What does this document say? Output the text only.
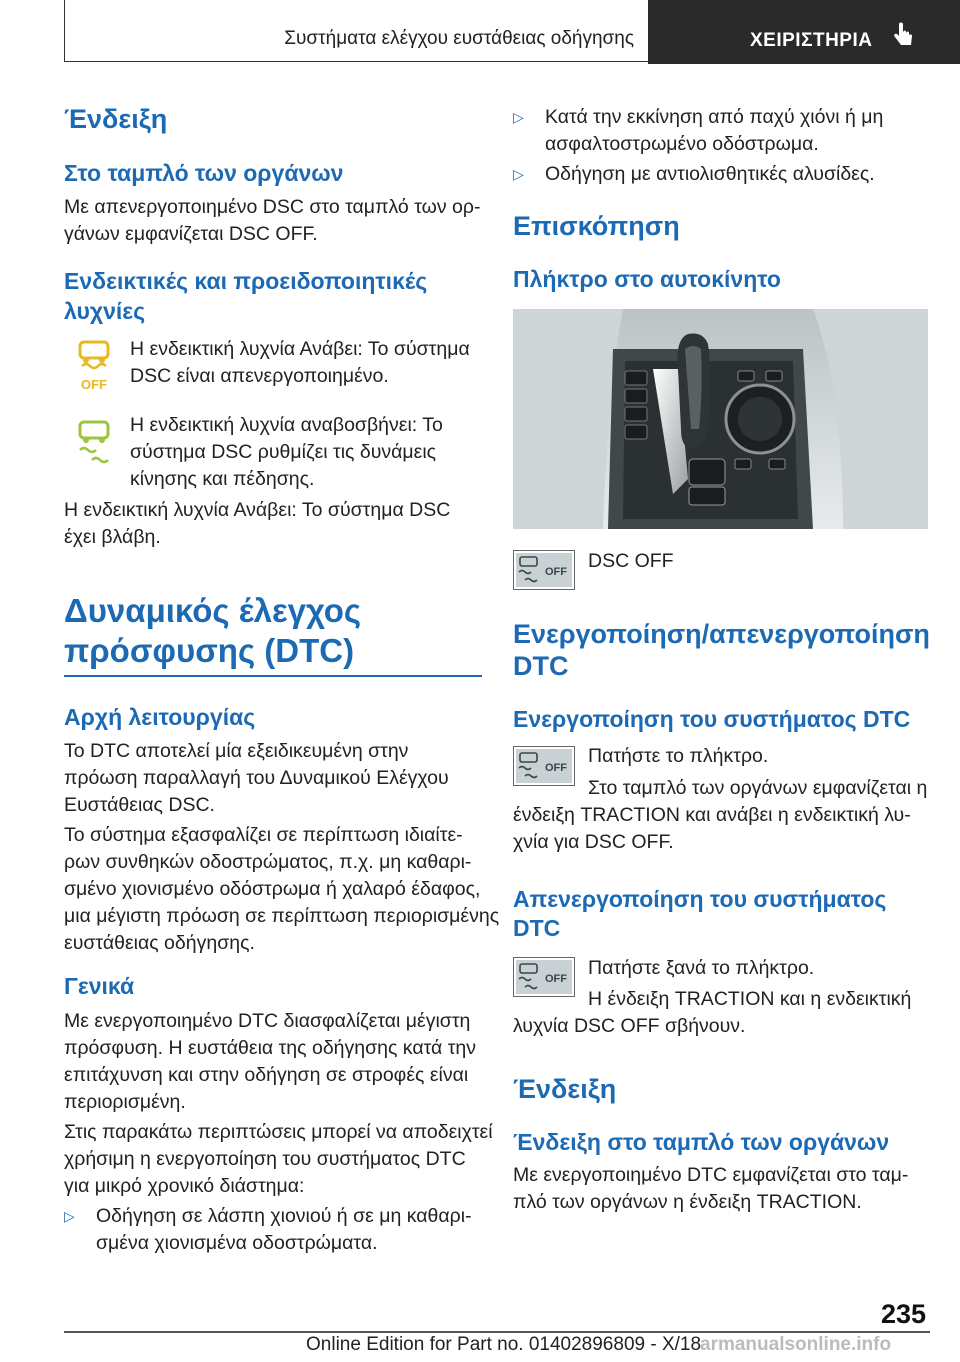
Συστήματα ελέγχου ευστάθειας οδήγησης	ΧΕΙΡΙΣΤΗΡΙΑ
Ένδειξη
Στο ταμπλό των οργάνων
Με απενεργοποιημένο DSC στο ταμπλό των ορ‐
γάνων εμφανίζεται DSC OFF.
Ενδεικτικές και προειδοποιητικές
λυχνίες
OFF
Η ενδεικτική λυχνία Ανάβει: Το σύστημα
DSC είναι απενεργοποιημένο.
Η ενδεικτική λυχνία αναβοσβήνει: Το
σύστημα DSC ρυθμίζει τις δυνάμεις
κίνησης και πέδησης.
Η ενδεικτική λυχνία Ανάβει: Το σύστημα DSC
έχει βλάβη.
Δυναμικός έλεγχος
πρόσφυσης (DTC)
Αρχή λειτουργίας
Το DTC αποτελεί μία εξειδικευμένη στην
πρόωση παραλλαγή του Δυναμικού Ελέγχου
Ευστάθειας DSC.
Το σύστημα εξασφαλίζει σε περίπτωση ιδιαίτε‐
ρων συνθηκών οδοστρώματος, π.χ. μη καθαρι‐
σμένο χιονισμένο οδόστρωμα ή χαλαρό έδαφος,
μια μέγιστη πρόωση σε περίπτωση περιορισμένης
ευστάθειας οδήγησης.
Γενικά
Με ενεργοποιημένο DTC διασφαλίζεται μέγιστη
πρόσφυση. Η ευστάθεια της οδήγησης κατά την
επιτάχυνση και στην οδήγηση σε στροφές είναι
περιορισμένη.
Στις παρακάτω περιπτώσεις μπορεί να αποδειχτεί
χρήσιμη η ενεργοποίηση του συστήματος DTC
για μικρό χρονικό διάστημα:
▷ Οδήγηση σε λάσπη χιονιού ή σε μη καθαρι‐
σμένα χιονισμένα οδοστρώματα.
▷ Κατά την εκκίνηση από παχύ χιόνι ή μη
ασφαλτοστρωμένο οδόστρωμα.
▷ Οδήγηση με αντιολισθητικές αλυσίδες.
Επισκόπηση
Πλήκτρο στο αυτοκίνητο
OFF DSC OFF
Ενεργοποίηση/απενεργοποίηση
DTC
Ενεργοποίηση του συστήματος DTC
OFF
Πατήστε το πλήκτρο.
Στο ταμπλό των οργάνων εμφανίζεται η
ένδειξη TRACTION και ανάβει η ενδεικτική λυ‐
χνία για DSC OFF.
Απενεργοποίηση του συστήματος
DTC
OFF Πατήστε ξανά το πλήκτρο.
Η ένδειξη TRACTION και η ενδεικτική
λυχνία DSC OFF σβήνουν.
Ένδειξη
Ένδειξη στο ταμπλό των οργάνων
Με ενεργοποιημένο DTC εμφανίζεται στο ταμ‐
πλό των οργάνων η ένδειξη TRACTION.
235
Online Edition for Part no. 01402896809 - X/18
armanualsonline.info
